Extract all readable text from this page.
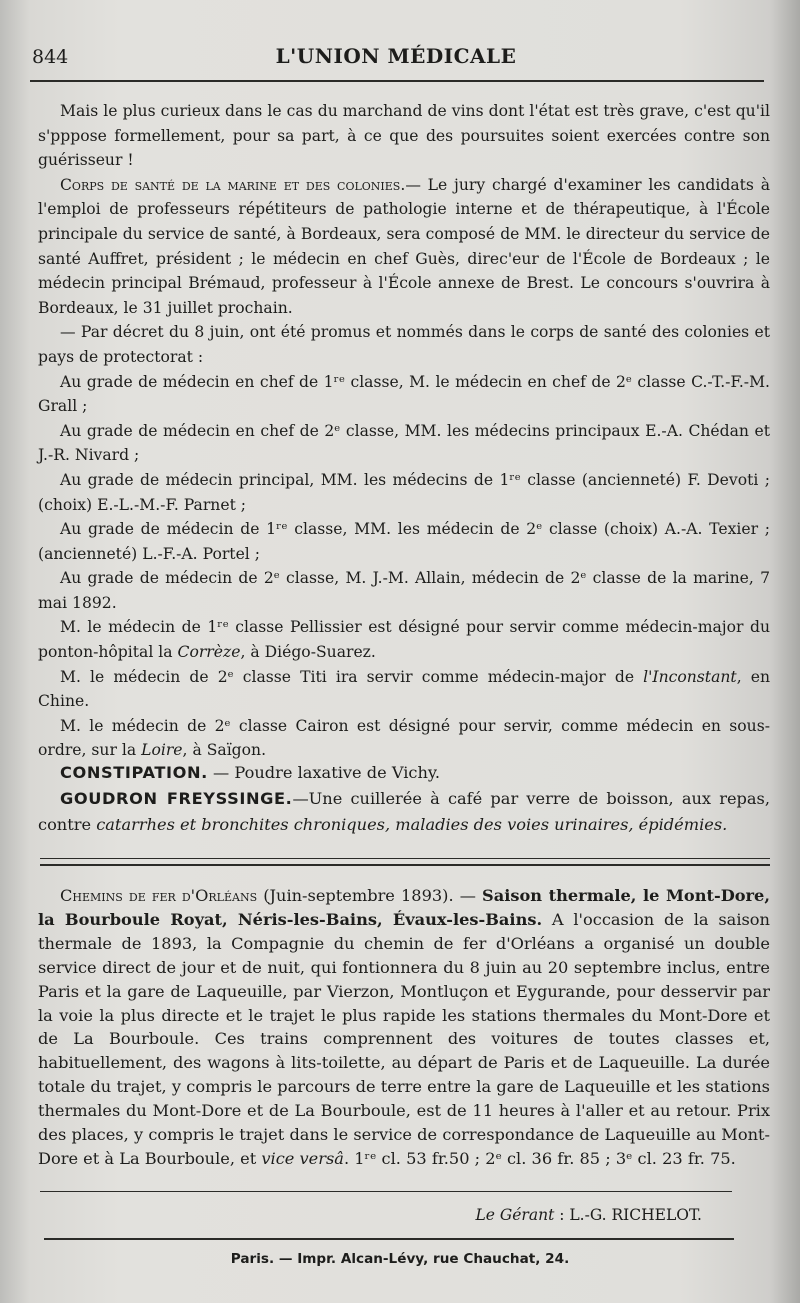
844	L'UNION MÉDICALE

Mais le plus curieux dans le cas du marchand de vins dont l'état est très grave, c'est qu'il s'pppose formellement, pour sa part, à ce que des poursuites soient exercées contre son guérisseur !

Corps de santé de la marine et des colonies.— Le jury chargé d'examiner les candidats à l'emploi de professeurs répétiteurs de pathologie interne et de thérapeutique, à l'École principale du service de santé, à Bordeaux, sera composé de MM. le directeur du service de santé Auffret, président ; le médecin en chef Guès, direc'eur de l'École de Bordeaux ; le médecin principal Brémaud, professeur à l'École annexe de Brest. Le concours s'ouvrira à Bordeaux, le 31 juillet prochain.

— Par décret du 8 juin, ont été promus et nommés dans le corps de santé des colonies et pays de protectorat :

Au grade de médecin en chef de 1ʳᵉ classe, M. le médecin en chef de 2ᵉ classe C.-T.-F.-M. Grall ;

Au grade de médecin en chef de 2ᵉ classe, MM. les médecins principaux E.-A. Chédan et J.-R. Nivard ;

Au grade de médecin principal, MM. les médecins de 1ʳᵉ classe (ancienneté) F. Devoti ; (choix) E.-L.-M.-F. Parnet ;

Au grade de médecin de 1ʳᵉ classe, MM. les médecin de 2ᵉ classe (choix) A.-A. Texier ; (ancienneté) L.-F.-A. Portel ;

Au grade de médecin de 2ᵉ classe, M. J.-M. Allain, médecin de 2ᵉ classe de la marine, 7 mai 1892.

M. le médecin de 1ʳᵉ classe Pellissier est désigné pour servir comme médecin-major du ponton-hôpital la Corrèze, à Diégo-Suarez.

M. le médecin de 2ᵉ classe Titi ira servir comme médecin-major de l'Inconstant, en Chine.

M. le médecin de 2ᵉ classe Cairon est désigné pour servir, comme médecin en sous-ordre, sur la Loire, à Saïgon.

CONSTIPATION. — Poudre laxative de Vichy.

GOUDRON FREYSSINGE.—Une cuillerée à café par verre de boisson, aux repas, contre catarrhes et bronchites chroniques, maladies des voies urinaires, épidémies.

Chemins de fer d'Orléans (Juin-septembre 1893). — Saison thermale, le Mont-Dore, la Bourboule Royat, Néris-les-Bains, Évaux-les-Bains. A l'occasion de la saison thermale de 1893, la Compagnie du chemin de fer d'Orléans a organisé un double service direct de jour et de nuit, qui fontionnera du 8 juin au 20 septembre inclus, entre Paris et la gare de Laqueuille, par Vierzon, Montluçon et Eygurande, pour desservir par la voie la plus directe et le trajet le plus rapide les stations thermales du Mont-Dore et de La Bourboule. Ces trains comprennent des voitures de toutes classes et, habituellement, des wagons à lits-toilette, au départ de Paris et de Laqueuille. La durée totale du trajet, y compris le parcours de terre entre la gare de Laqueuille et les stations thermales du Mont-Dore et de La Bourboule, est de 11 heures à l'aller et au retour. Prix des places, y compris le trajet dans le service de correspondance de Laqueuille au Mont-Dore et à La Bourboule, et vice versâ. 1ʳᵉ cl. 53 fr.50 ; 2ᵉ cl. 36 fr. 85 ; 3ᵉ cl. 23 fr. 75.

Le Gérant : L.-G. RICHELOT.
Paris. — Impr. Alcan-Lévy, rue Chauchat, 24.
